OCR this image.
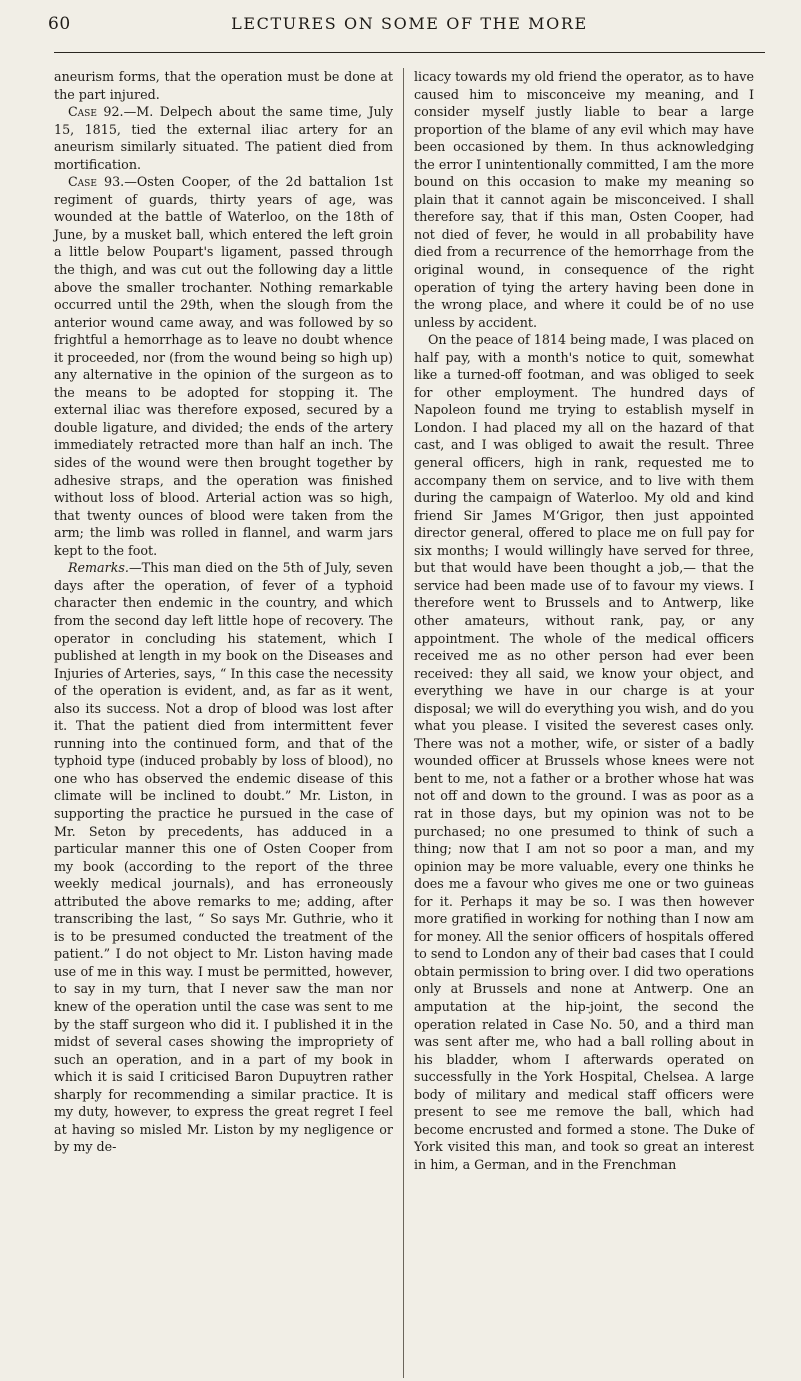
60	LECTURES ON SOME OF THE MORE

aneurism forms, that the operation must be done at the part injured.

Case 92.—M. Delpech about the same time, July 15, 1815, tied the external iliac artery for an aneurism similarly situated. The patient died from mortification.

Case 93.—Osten Cooper, of the 2d battalion 1st regiment of guards, thirty years of age, was wounded at the battle of Waterloo, on the 18th of June, by a musket ball, which entered the left groin a little below Poupart's ligament, passed through the thigh, and was cut out the following day a little above the smaller trochanter. Nothing remarkable occurred until the 29th, when the slough from the anterior wound came away, and was followed by so frightful a hemorrhage as to leave no doubt whence it proceeded, nor (from the wound being so high up) any alternative in the opinion of the surgeon as to the means to be adopted for stopping it. The external iliac was therefore exposed, secured by a double ligature, and divided; the ends of the artery immediately retracted more than half an inch. The sides of the wound were then brought together by adhesive straps, and the operation was finished without loss of blood. Arterial action was so high, that twenty ounces of blood were taken from the arm; the limb was rolled in flannel, and warm jars kept to the foot.

Remarks.—This man died on the 5th of July, seven days after the operation, of fever of a typhoid character then endemic in the country, and which from the second day left little hope of recovery. The operator in concluding his statement, which I published at length in my book on the Diseases and Injuries of Arteries, says, “ In this case the necessity of the operation is evident, and, as far as it went, also its success. Not a drop of blood was lost after it. That the patient died from intermittent fever running into the continued form, and that of the typhoid type (induced probably by loss of blood), no one who has observed the endemic disease of this climate will be inclined to doubt.” Mr. Liston, in supporting the practice he pursued in the case of Mr. Seton by precedents, has adduced in a particular manner this one of Osten Cooper from my book (according to the report of the three weekly medical journals), and has erroneously attributed the above remarks to me; adding, after transcribing the last, “ So says Mr. Guthrie, who it is to be presumed conducted the treatment of the patient.” I do not object to Mr. Liston having made use of me in this way. I must be permitted, however, to say in my turn, that I never saw the man nor knew of the operation until the case was sent to me by the staff surgeon who did it. I published it in the midst of several cases showing the impropriety of such an operation, and in a part of my book in which it is said I criticised Baron Dupuytren rather sharply for recommending a similar practice. It is my duty, however, to express the great regret I feel at having so misled Mr. Liston by my negligence or by my de-

licacy towards my old friend the operator, as to have caused him to misconceive my meaning, and I consider myself justly liable to bear a large proportion of the blame of any evil which may have been occasioned by them. In thus acknowledging the error I unintentionally committed, I am the more bound on this occasion to make my meaning so plain that it cannot again be misconceived. I shall therefore say, that if this man, Osten Cooper, had not died of fever, he would in all probability have died from a recurrence of the hemorrhage from the original wound, in consequence of the right operation of tying the artery having been done in the wrong place, and where it could be of no use unless by accident.

On the peace of 1814 being made, I was placed on half pay, with a month's notice to quit, somewhat like a turned-off footman, and was obliged to seek for other employment. The hundred days of Napoleon found me trying to establish myself in London. I had placed my all on the hazard of that cast, and I was obliged to await the result. Three general officers, high in rank, requested me to accompany them on service, and to live with them during the campaign of Waterloo. My old and kind friend Sir James M‘Grigor, then just appointed director general, offered to place me on full pay for six months; I would willingly have served for three, but that would have been thought a job,— that the service had been made use of to favour my views. I therefore went to Brussels and to Antwerp, like other amateurs, without rank, pay, or any appointment. The whole of the medical officers received me as no other person had ever been received: they all said, we know your object, and everything we have in our charge is at your disposal; we will do everything you wish, and do you what you please. I visited the severest cases only. There was not a mother, wife, or sister of a badly wounded officer at Brussels whose knees were not bent to me, not a father or a brother whose hat was not off and down to the ground. I was as poor as a rat in those days, but my opinion was not to be purchased; no one presumed to think of such a thing; now that I am not so poor a man, and my opinion may be more valuable, every one thinks he does me a favour who gives me one or two guineas for it. Perhaps it may be so. I was then however more gratified in working for nothing than I now am for money. All the senior officers of hospitals offered to send to London any of their bad cases that I could obtain permission to bring over. I did two operations only at Brussels and none at Antwerp. One an amputation at the hip-joint, the second the operation related in Case No. 50, and a third man was sent after me, who had a ball rolling about in his bladder, whom I afterwards operated on successfully in the York Hospital, Chelsea. A large body of military and medical staff officers were present to see me remove the ball, which had become encrusted and formed a stone. The Duke of York visited this man, and took so great an interest in him, a German, and in the Frenchman
